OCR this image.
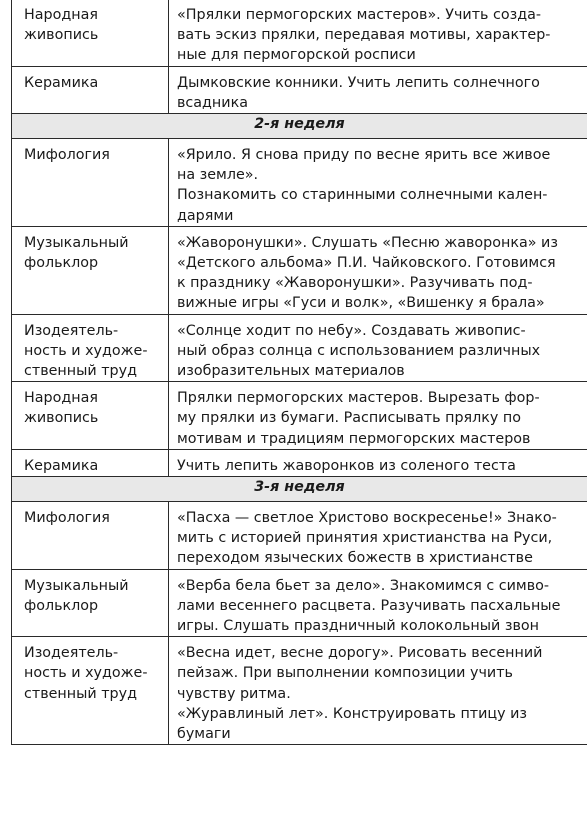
Народная
живопись	«Прялки пермогорских мастеров». Учить созда-
вать эскиз прялки, передавая мотивы, характер-
ные для пермогорской росписи

Керамика	Дымковские конники. Учить лепить солнечного
всадника

2-я неделя	

Мифология	«Ярило. Я снова приду по весне ярить все живое
на земле».
Познакомить со старинными солнечными кален-
дарями

Музыкальный
фольклор	«Жаворонушки». Слушать «Песню жаворонка» из
«Детского альбома» П.И. Чайковского. Готовимся
к празднику «Жаворонушки». Разучивать под-
вижные игры «Гуси и волк», «Вишенку я брала»

Изодеятель-
ность и художе-
ственный труд	«Солнце ходит по небу». Создавать живопис-
ный образ солнца с использованием различных
изобразительных материалов

Народная
живопись	Прялки пермогорских мастеров. Вырезать фор-
му прялки из бумаги. Расписывать прялку по
мотивам и традициям пермогорских мастеров

Керамика	Учить лепить жаворонков из соленого теста

3-я неделя	

Мифология	«Пасха — светлое Христово воскресенье!» Знако-
мить с историей принятия христианства на Руси,
переходом языческих божеств в христианстве

Музыкальный
фольклор	«Верба бела бьет за дело». Знакомимся с симво-
лами весеннего расцвета. Разучивать пасхальные
игры. Слушать праздничный колокольный звон

Изодеятель-
ность и художе-
ственный труд	«Весна идет, весне дорогу». Рисовать весенний
пейзаж. При выполнении композиции учить
чувству ритма.
«Журавлиный лет». Конструировать птицу из
бумаги
